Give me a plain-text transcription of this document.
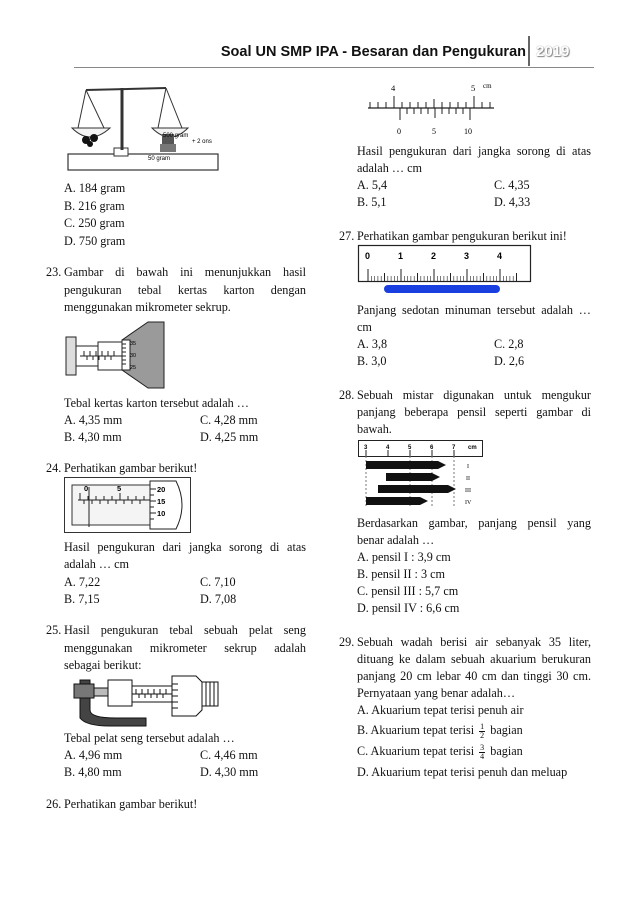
Soal UN SMP IPA - Besaran dan Pengukuran 2019
500 gram
+ 2 ons
50 gram
A. 184 gram
B. 216 gram
C. 250 gram
D. 750 gram
23. Gambar di bawah ini menunjukkan hasil
pengukuran tebal kertas karton dengan
menggunakan mikrometer sekrup.
35
30
25
Tebal kertas karton tersebut adalah …
A. 4,35 mm
B. 4,30 mm
C. 4,28 mm
D. 4,25 mm
24. Perhatikan gambar berikut!
0	5	20
15
10
Hasil pengukuran dari jangka sorong di atas
adalah … cm
A. 7,22
B. 7,15
C. 7,10
D. 7,08
25. Hasil pengukuran tebal sebuah pelat seng
menggunakan mikrometer sekrup adalah
sebagai berikut:
Tebal pelat seng tersebut adalah …
A. 4,96 mm
B. 4,80 mm
C. 4,46 mm
D. 4,30 mm
26. Perhatikan gambar berikut!
4	5 cm
0	5	10
Hasil pengukuran dari jangka sorong di atas
adalah … cm
A. 5,4
B. 5,1
C. 4,35
D. 4,33
27. Perhatikan gambar pengukuran berikut ini!
0	1	2	3	4
Panjang sedotan minuman tersebut adalah …
cm
A. 3,8
B. 3,0
C. 2,8
D. 2,6
28. Sebuah mistar digunakan untuk mengukur
panjang beberapa pensil seperti gambar di
bawah.
3	4	5	6	7 cm
I
II
III
IV
Berdasarkan gambar, panjang pensil yang
benar adalah …
A. pensil I : 3,9 cm
B. pensil II : 3 cm
C. pensil III : 5,7 cm
D. pensil IV : 6,6 cm
29. Sebuah wadah berisi air sebanyak 35 liter,
dituang ke dalam sebuah akuarium berukuran
panjang 20 cm lebar 40 cm dan tinggi 30 cm.
Pernyataan yang benar adalah…
A. Akuarium tepat terisi penuh air
B. Akuarium tepat terisi $\frac{1}{2}$ bagian
C. Akuarium tepat terisi $\frac{3}{4}$ bagian
D. Akuarium tepat terisi penuh dan meluap
